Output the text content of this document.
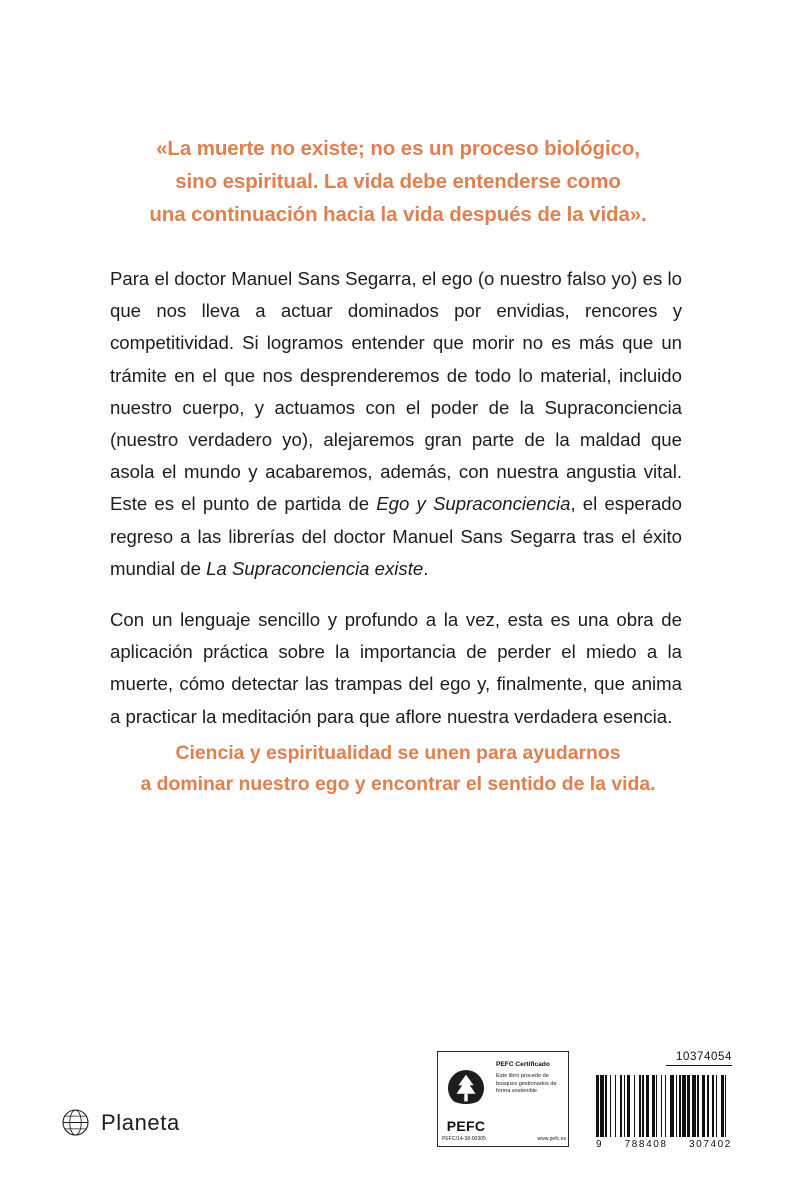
«La muerte no existe; no es un proceso biológico,
sino espiritual. La vida debe entenderse como
una continuación hacia la vida después de la vida».

Para el doctor Manuel Sans Segarra, el ego (o nuestro falso yo) es lo que nos lleva a actuar dominados por envidias, rencores y competitividad. Si logramos entender que morir no es más que un trámite en el que nos desprenderemos de todo lo material, incluido nuestro cuerpo, y actuamos con el poder de la Supraconciencia (nuestro verdadero yo), alejaremos gran parte de la maldad que asola el mundo y acabaremos, además, con nuestra angustia vital. Este es el punto de partida de Ego y Supraconciencia, el esperado regreso a las librerías del doctor Manuel Sans Segarra tras el éxito mundial de La Supraconciencia existe.

Con un lenguaje sencillo y profundo a la vez, esta es una obra de aplicación práctica sobre la importancia de perder el miedo a la muerte, cómo detectar las trampas del ego y, finalmente, que anima a practicar la meditación para que aflore nuestra verdadera esencia.

Ciencia y espiritualidad se unen para ayudarnos
a dominar nuestro ego y encontrar el sentido de la vida.
Planeta	PEFC
PEFC Certificado
Este libro procede de bosques gestionados de forma sostenible
PEFC/14-38-00305	www.pefc.es
10374054
9 788408 307402
